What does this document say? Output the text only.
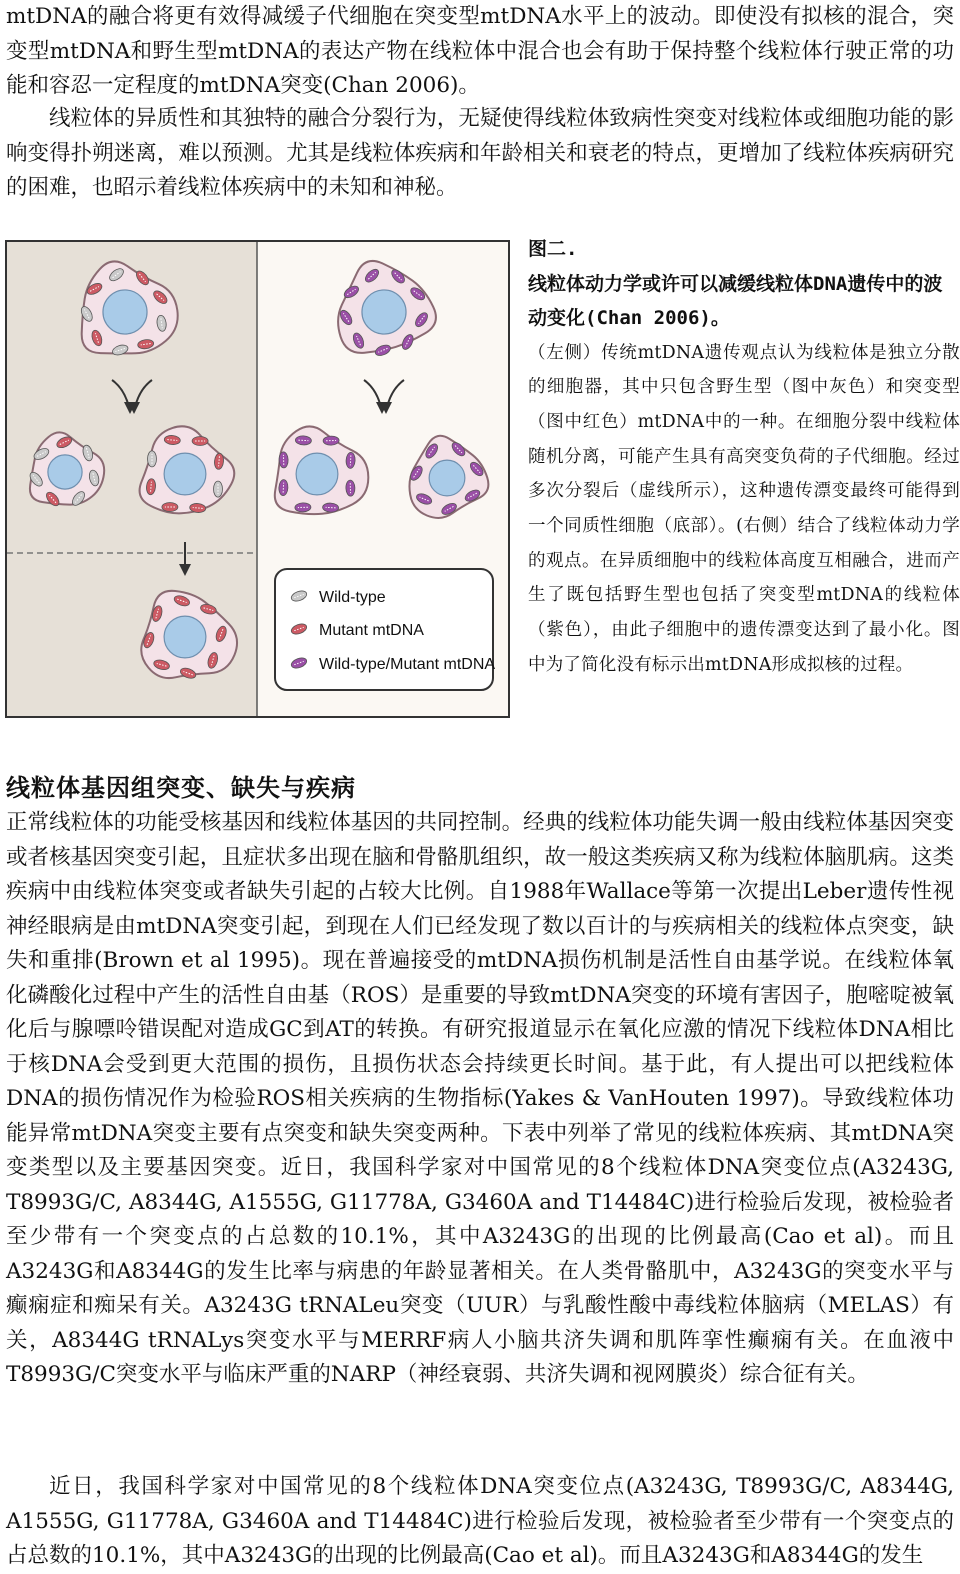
mtDNA的融合将更有效得减缓子代细胞在突变型mtDNA水平上的波动。即使没有拟核的混合，突变型mtDNA和野生型mtDNA的表达产物在线粒体中混合也会有助于保持整个线粒体行驶正常的功能和容忍一定程度的mtDNA突变(Chan 2006)。

线粒体的异质性和其独特的融合分裂行为，无疑使得线粒体致病性突变对线粒体或细胞功能的影响变得扑朔迷离，难以预测。尤其是线粒体疾病和年龄相关和衰老的特点，更增加了线粒体疾病研究的困难，也昭示着线粒体疾病中的未知和神秘。

Wild-type
Mutant mtDNA
Wild-type/Mutant mtDNA

图二.

线粒体动力学或许可以减缓线粒体DNA遗传中的波动变化(Chan 2006)。

（左侧）传统mtDNA遗传观点认为线粒体是独立分散的细胞器，其中只包含野生型（图中灰色）和突变型（图中红色）mtDNA中的一种。在细胞分裂中线粒体随机分离，可能产生具有高突变负荷的子代细胞。经过多次分裂后（虚线所示），这种遗传漂变最终可能得到一个同质性细胞（底部）。(右侧）结合了线粒体动力学的观点。在异质细胞中的线粒体高度互相融合，进而产生了既包括野生型也包括了突变型mtDNA的线粒体（紫色），由此子细胞中的遗传漂变达到了最小化。图中为了简化没有标示出mtDNA形成拟核的过程。

线粒体基因组突变、缺失与疾病

正常线粒体的功能受核基因和线粒体基因的共同控制。经典的线粒体功能失调一般由线粒体基因突变或者核基因突变引起，且症状多出现在脑和骨骼肌组织，故一般这类疾病又称为线粒体脑肌病。这类疾病中由线粒体突变或者缺失引起的占较大比例。自1988年Wallace等第一次提出Leber遗传性视神经眼病是由mtDNA突变引起，到现在人们已经发现了数以百计的与疾病相关的线粒体点突变，缺失和重排(Brown et al 1995)。现在普遍接受的mtDNA损伤机制是活性自由基学说。在线粒体氧化磷酸化过程中产生的活性自由基（ROS）是重要的导致mtDNA突变的环境有害因子，胞嘧啶被氧化后与腺嘌呤错误配对造成GC到AT的转换。有研究报道显示在氧化应激的情况下线粒体DNA相比于核DNA会受到更大范围的损伤，且损伤状态会持续更长时间。基于此，有人提出可以把线粒体DNA的损伤情况作为检验ROS相关疾病的生物指标(Yakes & VanHouten 1997)。导致线粒体功能异常mtDNA突变主要有点突变和缺失突变两种。下表中列举了常见的线粒体疾病、其mtDNA突变类型以及主要基因突变。近日，我国科学家对中国常见的8个线粒体DNA突变位点(A3243G, T8993G/C, A8344G, A1555G, G11778A, G3460A and T14484C)进行检验后发现，被检验者至少带有一个突变点的占总数的10.1%，其中A3243G的出现的比例最高(Cao et al)。而且A3243G和A8344G的发生比率与病患的年龄显著相关。在人类骨骼肌中，A3243G的突变水平与癫痫症和痴呆有关。A3243G tRNALeu突变（UUR）与乳酸性酸中毒线粒体脑病（MELAS）有关，A8344G tRNALys突变水平与MERRF病人小脑共济失调和肌阵挛性癫痫有关。在血液中T8993G/C突变水平与临床严重的NARP（神经衰弱、共济失调和视网膜炎）综合征有关。

近日，我国科学家对中国常见的8个线粒体DNA突变位点(A3243G, T8993G/C, A8344G, A1555G, G11778A, G3460A and T14484C)进行检验后发现，被检验者至少带有一个突变点的占总数的10.1%，其中A3243G的出现的比例最高(Cao et al)。而且A3243G和A8344G的发生
